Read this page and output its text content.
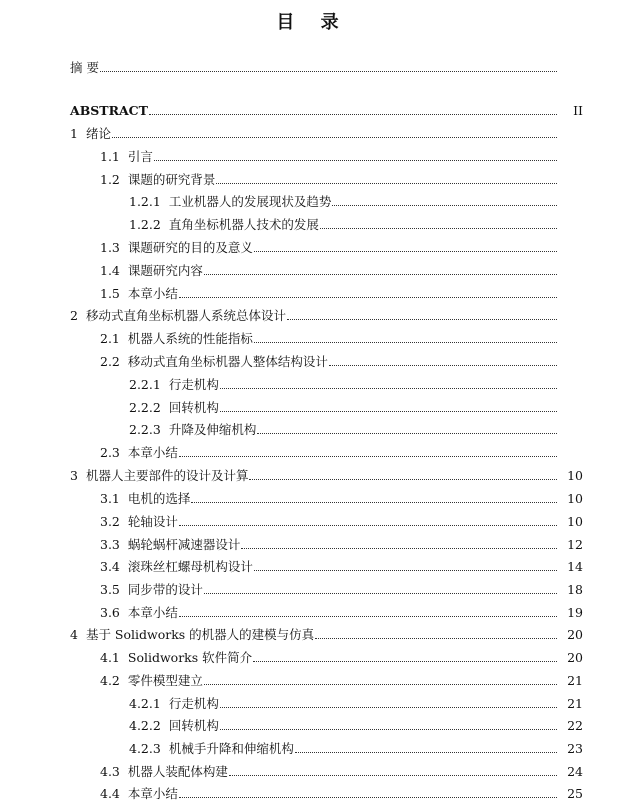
目 录
摘 要
ABSTRACT	II
1 绪论
1.1 引言
1.2 课题的研究背景
1.2.1 工业机器人的发展现状及趋势
1.2.2 直角坐标机器人技术的发展
1.3 课题研究的目的及意义
1.4 课题研究内容
1.5 本章小结
2 移动式直角坐标机器人系统总体设计
2.1 机器人系统的性能指标
2.2 移动式直角坐标机器人整体结构设计
2.2.1 行走机构
2.2.2 回转机构
2.2.3 升降及伸缩机构
2.3 本章小结
3 机器人主要部件的设计及计算	10
3.1 电机的选择	10
3.2 轮轴设计	10
3.3 蜗轮蜗杆减速器设计	12
3.4 滚珠丝杠螺母机构设计	14
3.5 同步带的设计	18
3.6 本章小结	19
4 基于 Solidworks 的机器人的建模与仿真	20
4.1 Solidworks 软件简介	20
4.2 零件模型建立	21
4.2.1 行走机构	21
4.2.2 回转机构	22
4.2.3 机械手升降和伸缩机构	23
4.3 机器人装配体构建	24
4.4 本章小结	25
